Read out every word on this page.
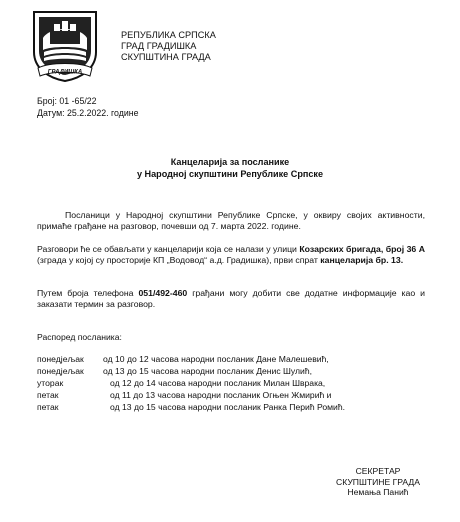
ГРАДИШКА
РЕПУБЛИКА СРПСКА
ГРАД ГРАДИШКА
СКУПШТИНА ГРАДА
Број: 01 -65/22
Датум: 25.2.2022. године
Канцеларија за посланике
у Народној скупштини Републике Српске
Посланици у Народној скупштини Републике Српске, у оквиру својих активности, примаће грађане на разговор, почевши од 7. марта 2022. године.
Разговори ће се обављати у канцеларији која се налази у улици Козарских бригада, број 36 А (зграда у којој су просторије КП „Водовод“ а.д. Градишка), први спрат канцеларија бр. 13.
Путем броја телефона 051/492-460 грађани могу добити све додатне информације као и заказати термин за разговор.
Распоред посланика:
понедјељак од 10 до 12 часова народни посланик Дане Малешевић,
понедјељак од 13 до 15 часова народни посланик Денис Шулић,
уторак	од 12 до 14 часова народни посланик Милан Шврака,
петак	од 11 до 13 часова народни посланик Огњен Жмирић и
петак	од 13 до 15 часова народни посланик Ранка Перић Ромић.
СЕКРЕТАР
СКУПШТИНЕ ГРАДА
Немања Панић
